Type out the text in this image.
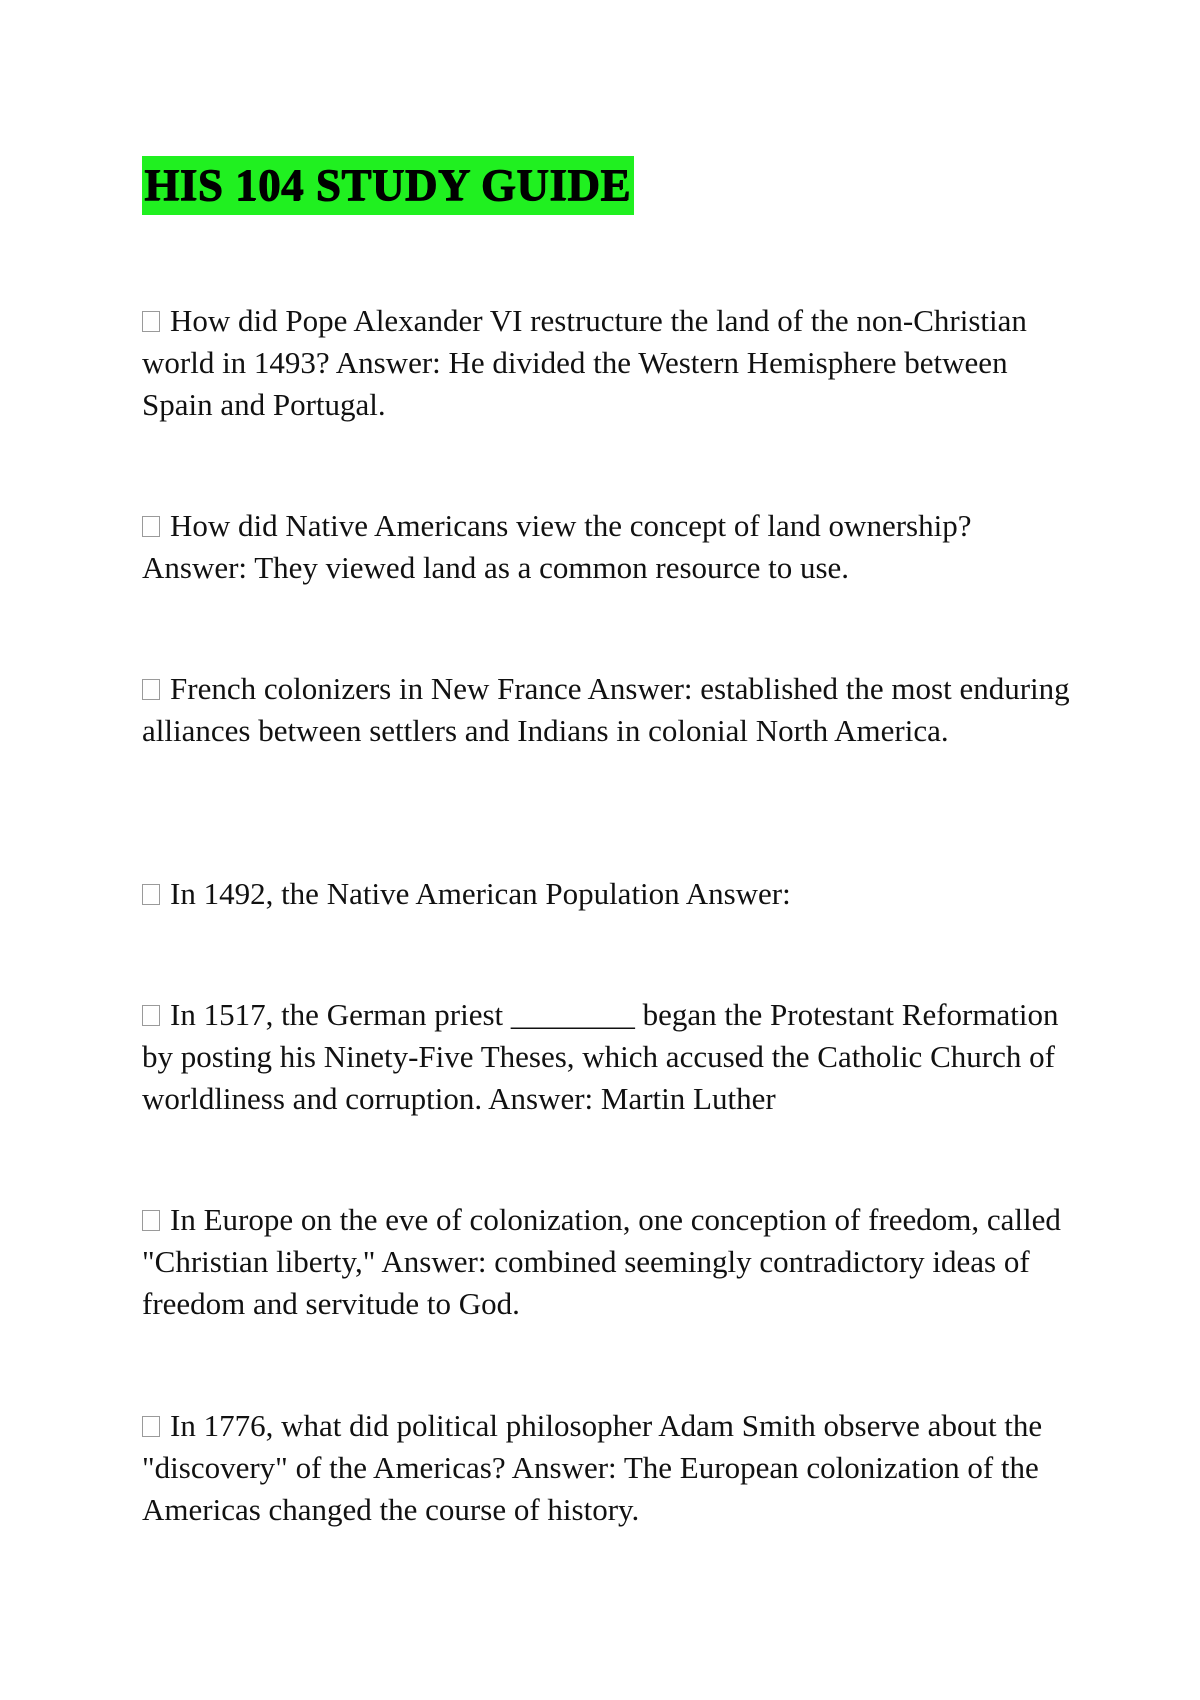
HIS 104 STUDY GUIDE
How did Pope Alexander VI restructure the land of the non-Christian world in 1493? Answer: He divided the Western Hemisphere between Spain and Portugal.
How did Native Americans view the concept of land ownership? Answer: They viewed land as a common resource to use.
French colonizers in New France Answer: established the most enduring alliances between settlers and Indians in colonial North America.
In 1492, the Native American Population Answer:
In 1517, the German priest ________ began the Protestant Reformation by posting his Ninety-Five Theses, which accused the Catholic Church of worldliness and corruption. Answer: Martin Luther
In Europe on the eve of colonization, one conception of freedom, called "Christian liberty," Answer: combined seemingly contradictory ideas of freedom and servitude to God.
In 1776, what did political philosopher Adam Smith observe about the "discovery" of the Americas? Answer: The European colonization of the Americas changed the course of history.
